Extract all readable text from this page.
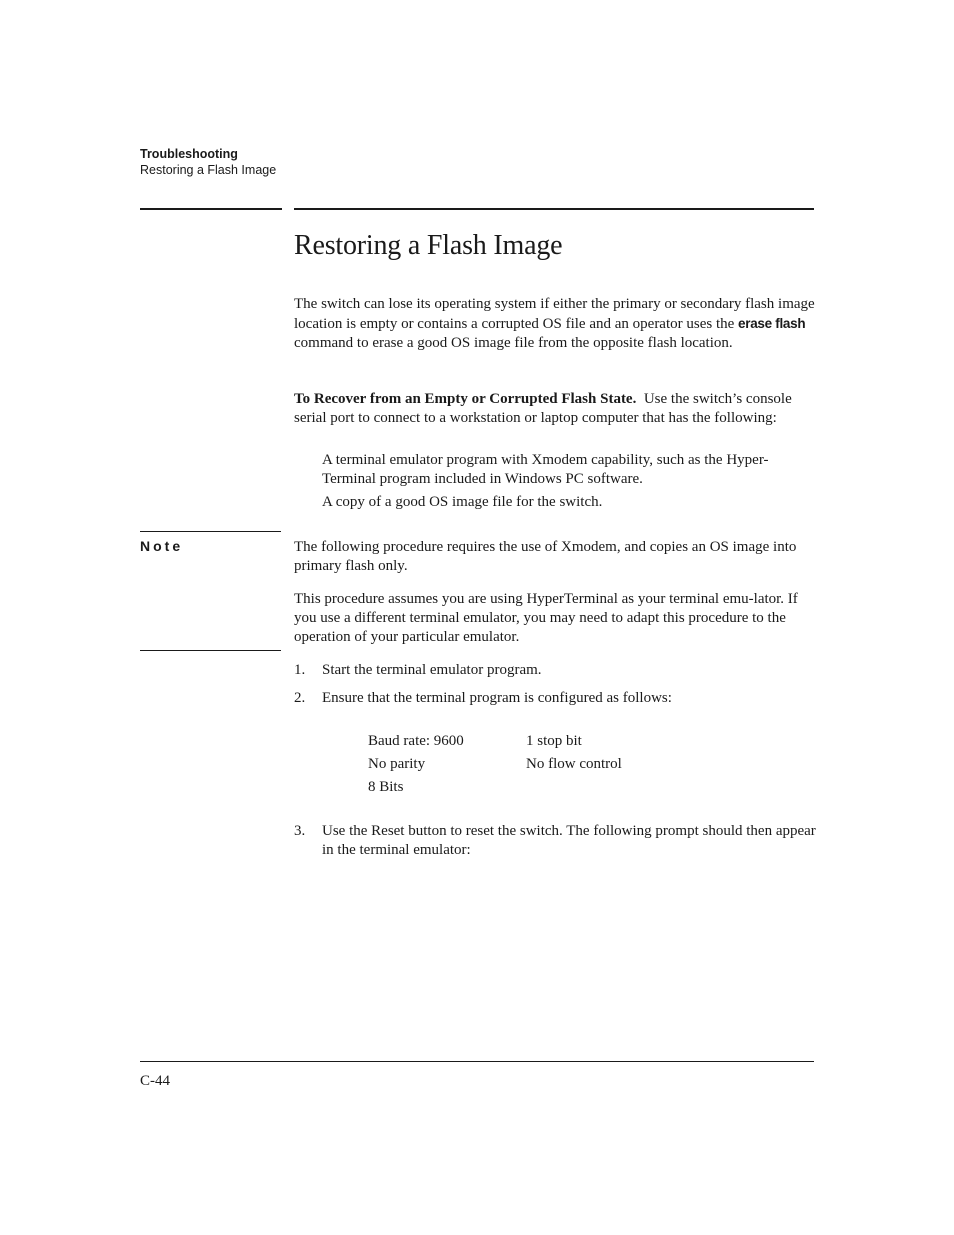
Troubleshooting
Restoring a Flash Image
Restoring a Flash Image
The switch can lose its operating system if either the primary or secondary flash image location is empty or contains a corrupted OS file and an operator uses the erase flash command to erase a good OS image file from the opposite flash location.
To Recover from an Empty or Corrupted Flash State. Use the switch’s console serial port to connect to a workstation or laptop computer that has the following:
A terminal emulator program with Xmodem capability, such as the Hyper-Terminal program included in Windows PC software.
A copy of a good OS image file for the switch.
Note	The following procedure requires the use of Xmodem, and copies an OS image into primary flash only.
This procedure assumes you are using HyperTerminal as your terminal emu-lator. If you use a different terminal emulator, you may need to adapt this procedure to the operation of your particular emulator.
1. Start the terminal emulator program.
2. Ensure that the terminal program is configured as follows:
Baud rate: 9600
No parity
8 Bits
1 stop bit
No flow control
3. Use the Reset button to reset the switch. The following prompt should then appear in the terminal emulator:
C-44
